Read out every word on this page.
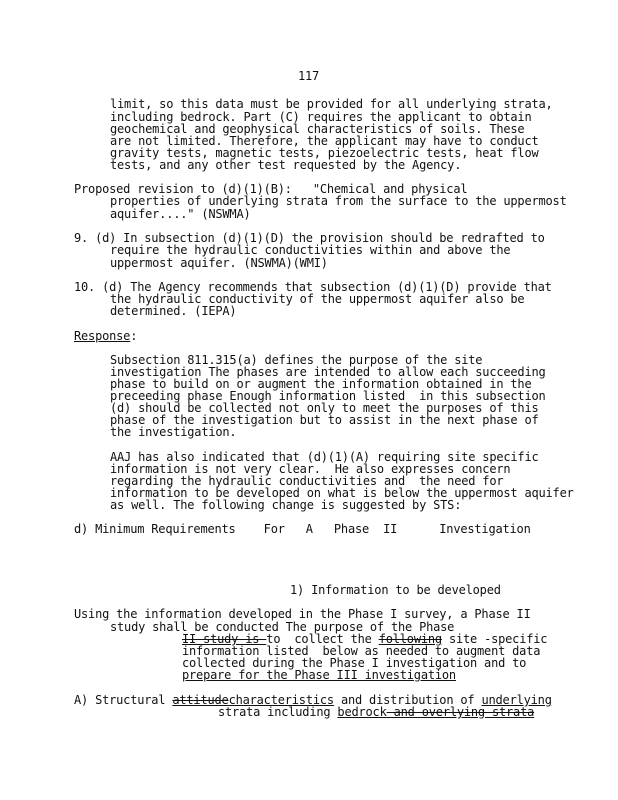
117
limit, so this data must be provided for all underlying strata,
including bedrock. Part (C) requires the applicant to obtain
geochemical and geophysical characteristics of soils. These
are not limited. Therefore, the applicant may have to conduct
gravity tests, magnetic tests, piezoelectric tests, heat flow
tests, and any other test requested by the Agency.
Proposed revision to (d)(1)(B):   "Chemical and physical
properties of underlying strata from the surface to the uppermost
aquifer...." (NSWMA)
9. (d) In subsection (d)(1)(D) the provision should be redrafted to
require the hydraulic conductivities within and above the
uppermost aquifer. (NSWMA)(WMI)
10. (d) The Agency recommends that subsection (d)(1)(D) provide that
the hydraulic conductivity of the uppermost aquifer also be
determined. (IEPA)
Response:
Subsection 811.315(a) defines the purpose of the site
investigation The phases are intended to allow each succeeding
phase to build on or augment the information obtained in the
preceeding phase Enough information listed  in this subsection
(d) should be collected not only to meet the purposes of this
phase of the investigation but to assist in the next phase of
the investigation.
AAJ has also indicated that (d)(1)(A) requiring site specific
information is not very clear.  He also expresses concern
regarding the hydraulic conductivities and  the need for
information to be developed on what is below the uppermost aquifer
as well. The following change is suggested by STS:
d) Minimum Requirements    For   A   Phase  II      Investigation
1) Information to be developed
Using the information developed in the Phase I survey, a Phase II
study shall be conducted The purpose of the Phase
II study is to  collect the following site -specific
information listed  below as needed to augment data
collected during the Phase I investigation and to
prepare for the Phase III investigation
A) Structural attitudecharacteristics and distribution of underlying
strata including bedrock and overlying strata
